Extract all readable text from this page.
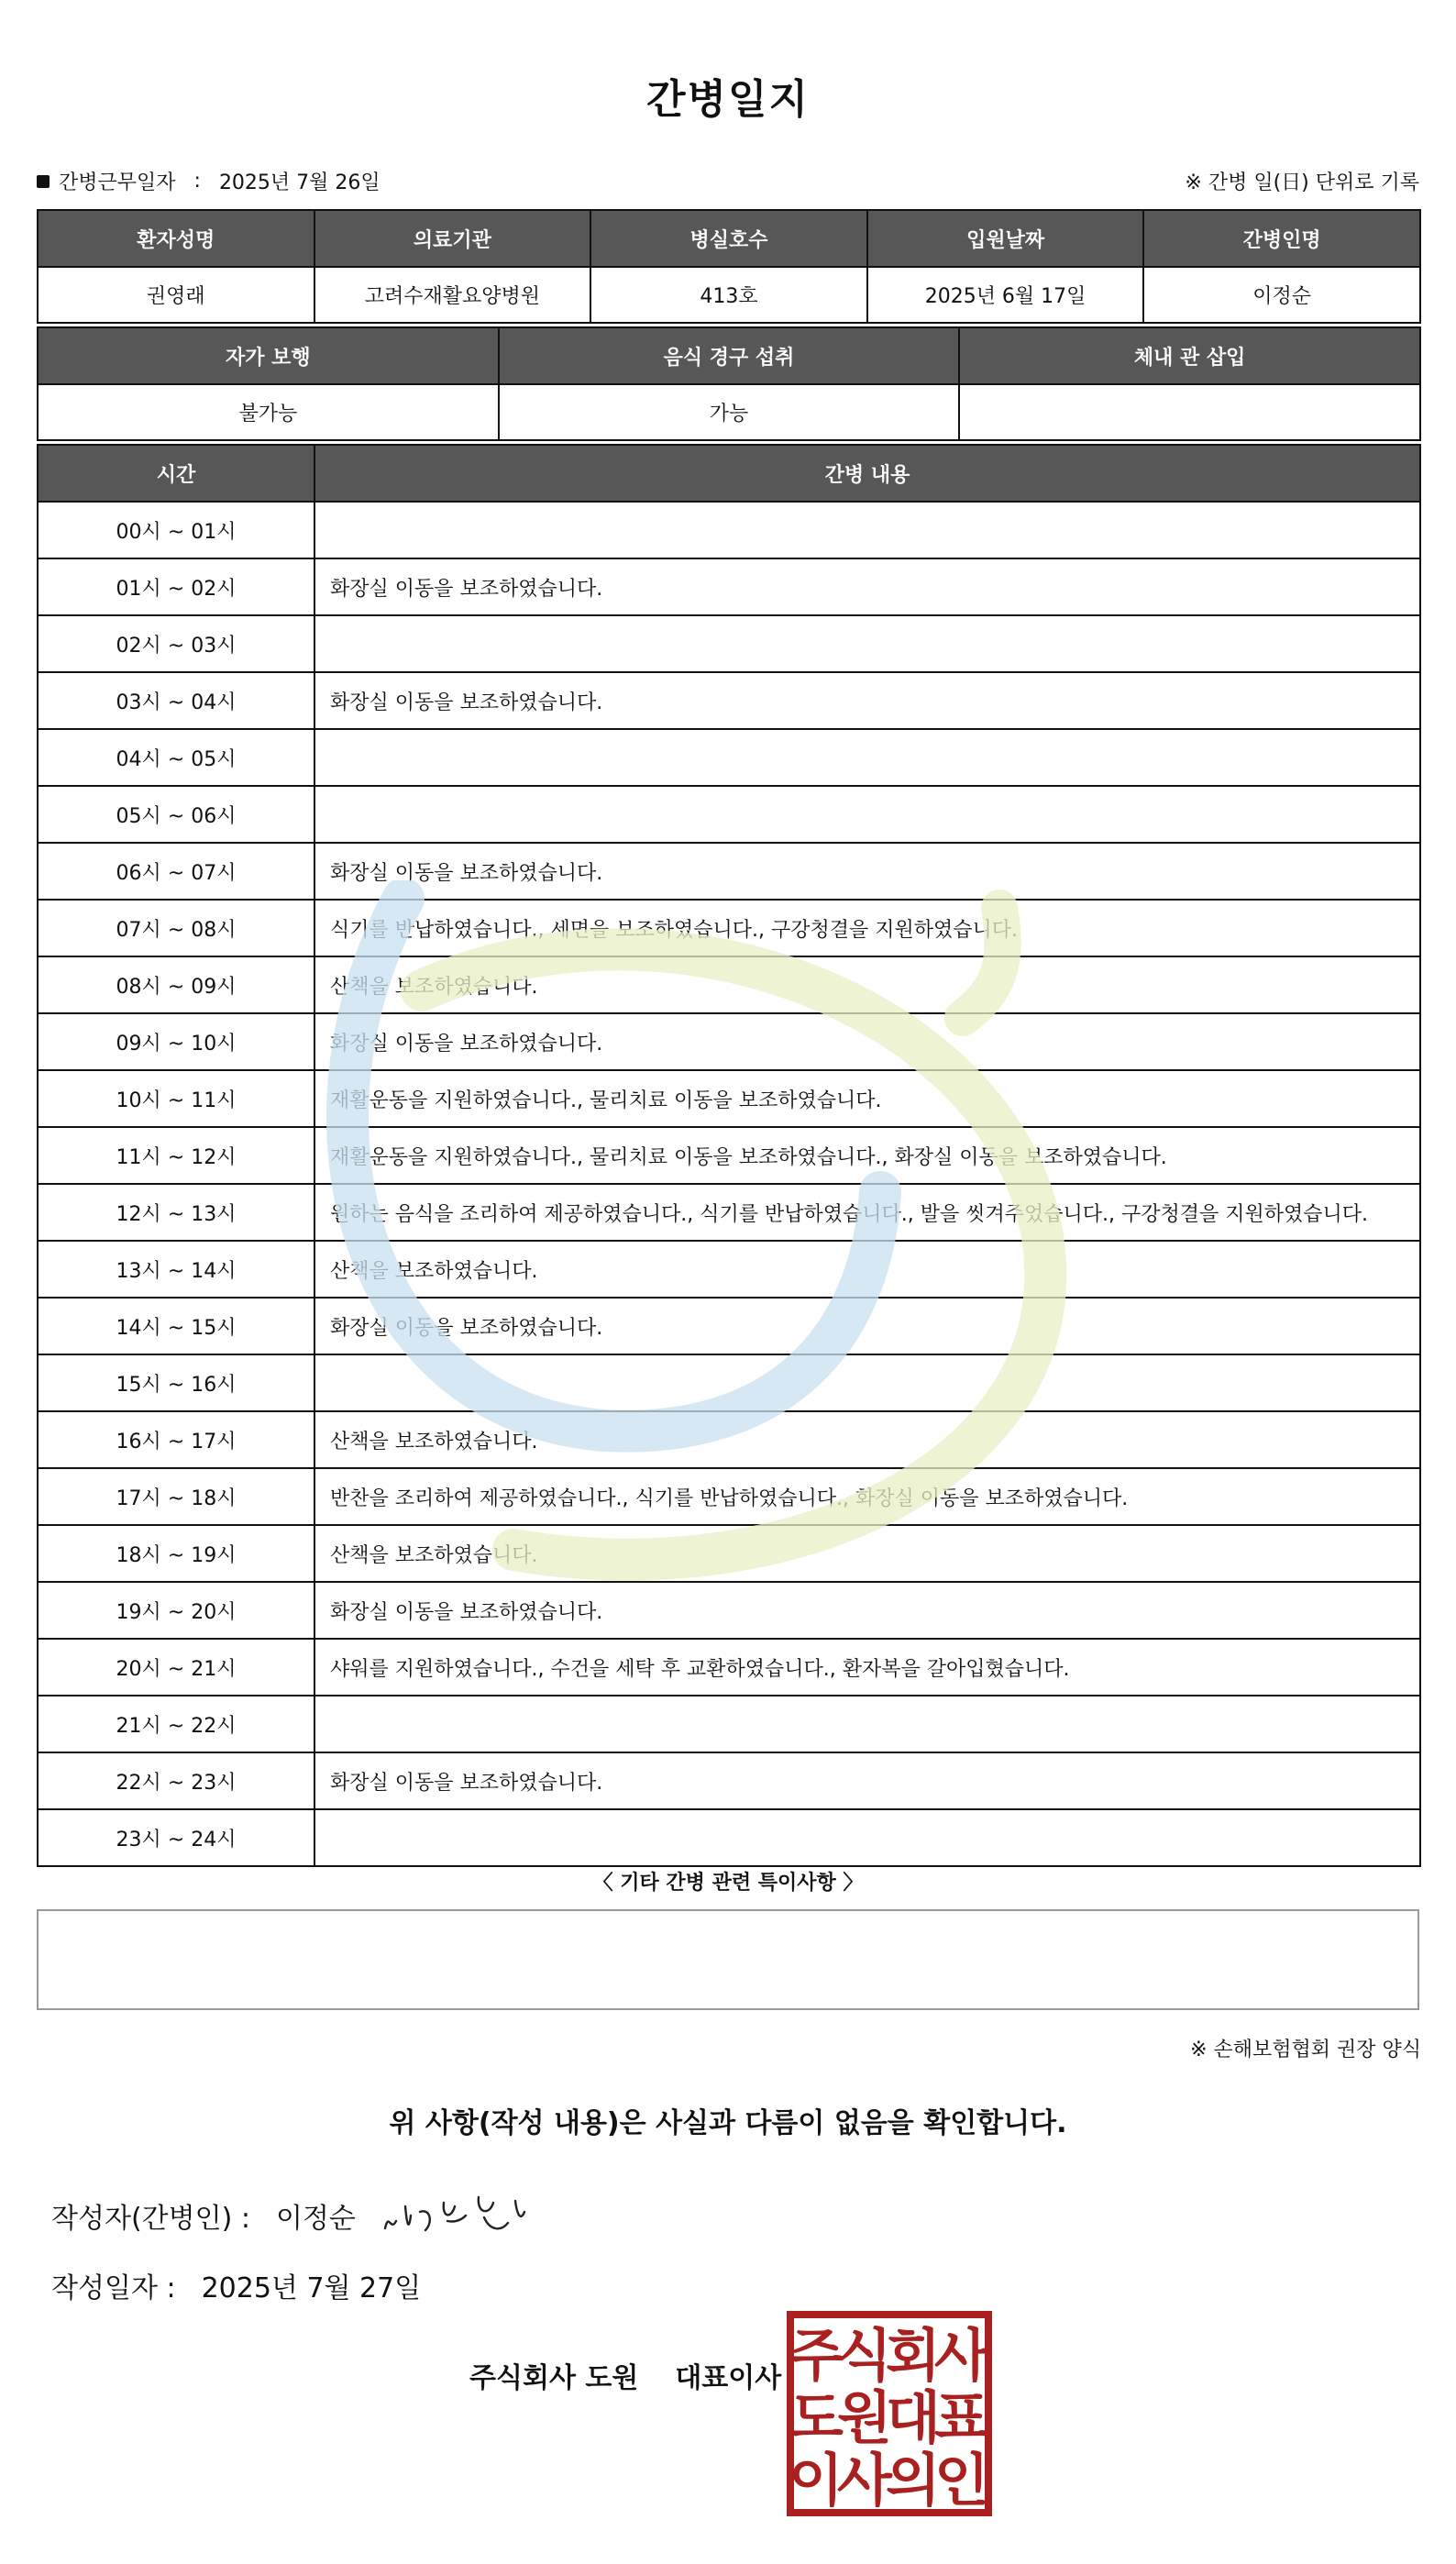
간병일지
간병근무일자 : 2025년 7월 26일	※ 간병 일(日) 단위로 기록
환자성명	의료기관	병실호수	입원날짜	간병인명
권영래	고려수재활요양병원	413호	2025년 6월 17일	이정순
자가 보행	음식 경구 섭취	체내 관 삽입
불가능	가능	
시간	간병 내용
00시 ~ 01시	
01시 ~ 02시	화장실 이동을 보조하였습니다.
02시 ~ 03시	
03시 ~ 04시	화장실 이동을 보조하였습니다.
04시 ~ 05시	
05시 ~ 06시	
06시 ~ 07시	화장실 이동을 보조하였습니다.
07시 ~ 08시	식기를 반납하였습니다., 세면을 보조하였습니다., 구강청결을 지원하였습니다.
08시 ~ 09시	산책을 보조하였습니다.
09시 ~ 10시	화장실 이동을 보조하였습니다.
10시 ~ 11시	재활운동을 지원하였습니다., 물리치료 이동을 보조하였습니다.
11시 ~ 12시	재활운동을 지원하였습니다., 물리치료 이동을 보조하였습니다., 화장실 이동을 보조하였습니다.
12시 ~ 13시	원하는 음식을 조리하여 제공하였습니다., 식기를 반납하였습니다., 발을 씻겨주었습니다., 구강청결을 지원하였습니다.
13시 ~ 14시	산책을 보조하였습니다.
14시 ~ 15시	화장실 이동을 보조하였습니다.
15시 ~ 16시	
16시 ~ 17시	산책을 보조하였습니다.
17시 ~ 18시	반찬을 조리하여 제공하였습니다., 식기를 반납하였습니다., 화장실 이동을 보조하였습니다.
18시 ~ 19시	산책을 보조하였습니다.
19시 ~ 20시	화장실 이동을 보조하였습니다.
20시 ~ 21시	샤워를 지원하였습니다., 수건을 세탁 후 교환하였습니다., 환자복을 갈아입혔습니다.
21시 ~ 22시	
22시 ~ 23시	화장실 이동을 보조하였습니다.
23시 ~ 24시	
〈 기타 간병 관련 특이사항 〉
※ 손해보험협회 권장 양식
위 사항(작성 내용)은 사실과 다름이 없음을 확인합니다.
작성자(간병인) : 이정순
작성일자 : 2025년 7월 27일
주식회사 도원 대표이사 주
식
회
사
도
원
대
표
이
사
의
인
